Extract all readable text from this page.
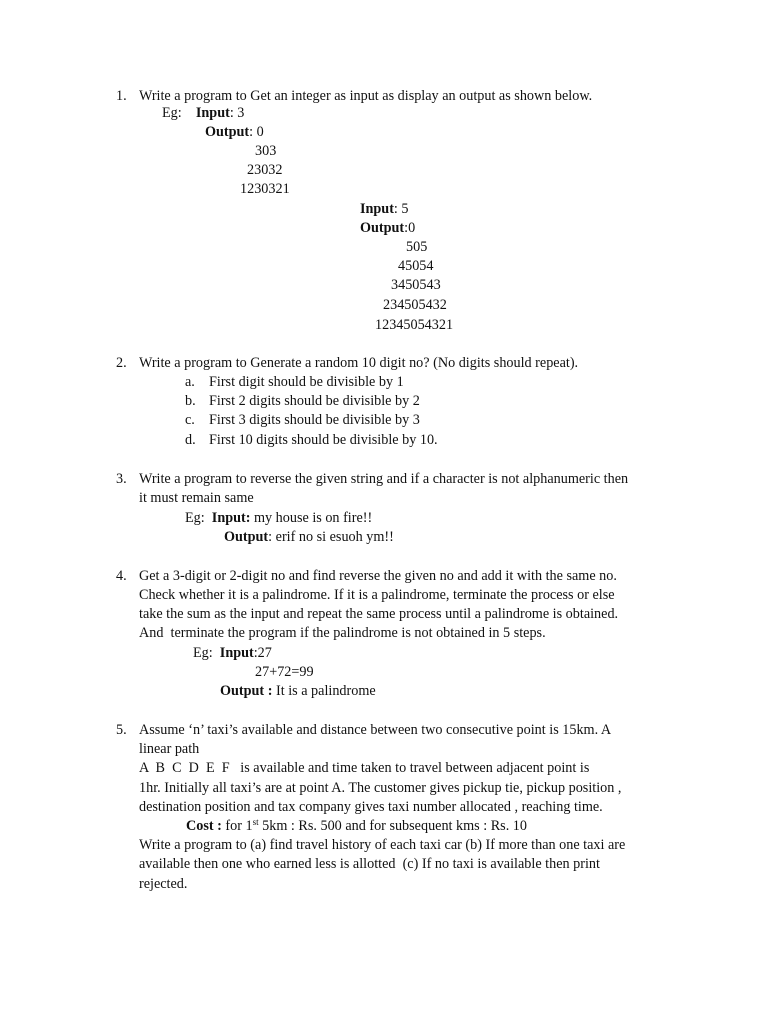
1. Write a program to Get an integer as input as display an output as shown below.
Eg: Input: 3
Output: 0
303
23032
1230321
Input: 5
Output:0
505
45054
3450543
234505432
12345054321
2. Write a program to Generate a random 10 digit no? (No digits should repeat).
a. First digit should be divisible by 1
b. First 2 digits should be divisible by 2
c. First 3 digits should be divisible by 3
d. First 10 digits should be divisible by 10.
3. Write a program to reverse the given string and if a character is not alphanumeric then
it must remain same
Eg: Input: my house is on fire!!
Output: erif no si esuoh ym!!
4. Get a 3-digit or 2-digit no and find reverse the given no and add it with the same no.
Check whether it is a palindrome. If it is a palindrome, terminate the process or else
take the sum as the input and repeat the same process until a palindrome is obtained.
And  terminate the program if the palindrome is not obtained in 5 steps.
Eg: Input:27
27+72=99
Output : It is a palindrome
5. Assume ‘n’ taxi’s available and distance between two consecutive point is 15km. A
linear path
A  B  C  D  E  F   is available and time taken to travel between adjacent point is
1hr. Initially all taxi’s are at point A. The customer gives pickup tie, pickup position ,
destination position and tax company gives taxi number allocated , reaching time.
Cost : for 1st 5km : Rs. 500 and for subsequent kms : Rs. 10
Write a program to (a) find travel history of each taxi car (b) If more than one taxi are
available then one who earned less is allotted  (c) If no taxi is available then print
rejected.
